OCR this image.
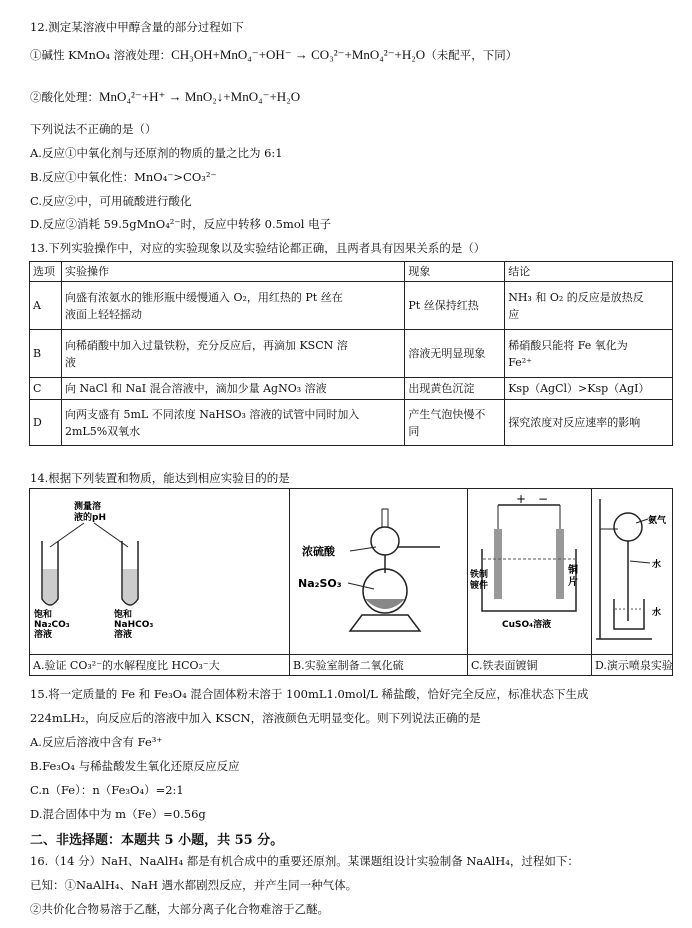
12.测定某溶液中甲醇含量的部分过程如下
①碱性 KMnO₄ 溶液处理：CH₃OH+MnO₄⁻+OH⁻ → CO₃²⁻+MnO₄²⁻+H₂O（未配平，下同）
②酸化处理：MnO₄²⁻+H⁺ → MnO₂↓+MnO₄⁻+H₂O
下列说法不正确的是（）
A.反应①中氧化剂与还原剂的物质的量之比为 6:1
B.反应①中氧化性：MnO₄⁻>CO₃²⁻
C.反应②中，可用硫酸进行酸化
D.反应②消耗 59.5gMnO₄²⁻时，反应中转移 0.5mol 电子
13.下列实验操作中，对应的实验现象以及实验结论都正确，且两者具有因果关系的是（）
选项	实验操作	现象	结论
A	向盛有浓氨水的锥形瓶中缓慢通入 O₂，用红热的 Pt 丝在
液面上轻轻摇动	Pt 丝保持红热	NH₃ 和 O₂ 的反应是放热反
应
B	向稀硝酸中加入过量铁粉，充分反应后，再滴加 KSCN 溶
液	溶液无明显现象	稀硝酸只能将 Fe 氧化为
Fe²⁺
C	向 NaCl 和 NaI 混合溶液中，滴加少量 AgNO₃ 溶液	出现黄色沉淀	Ksp（AgCl）>Ksp（AgI）
D	向两支盛有 5mL 不同浓度 NaHSO₃ 溶液的试管中同时加入
2mL5%双氧水	产生气泡快慢不
同	探究浓度对反应速率的影响
14.根据下列装置和物质，能达到相应实验目的的是
测量溶
液的pH
饱和
Na₂CO₃
溶液
饱和
NaHCO₃
溶液
A.验证 CO₃²⁻的水解程度比 HCO₃⁻大
浓硫酸
Na₂SO₃
B.实验室制备二氧化硫
+ −
铁制
镀件
铜
片
CuSO₄溶液
C.铁表面镀铜
氨气
水
水
D.演示喷泉实验
15.将一定质量的 Fe 和 Fe₃O₄ 混合固体粉末溶于 100mL1.0mol/L 稀盐酸，恰好完全反应，标准状态下生成
224mLH₂，向反应后的溶液中加入 KSCN，溶液颜色无明显变化。则下列说法正确的是
A.反应后溶液中含有 Fe³⁺
B.Fe₃O₄ 与稀盐酸发生氧化还原反应反应
C.n（Fe）：n（Fe₃O₄）=2:1
D.混合固体中为 m（Fe）=0.56g
二、非选择题：本题共 5 小题，共 55 分。
16.（14 分）NaH、NaAlH₄ 都是有机合成中的重要还原剂。某课题组设计实验制备 NaAlH₄，过程如下：
已知：①NaAlH₄、NaH 遇水都剧烈反应，并产生同一种气体。
②共价化合物易溶于乙醚，大部分离子化合物难溶于乙醚。
